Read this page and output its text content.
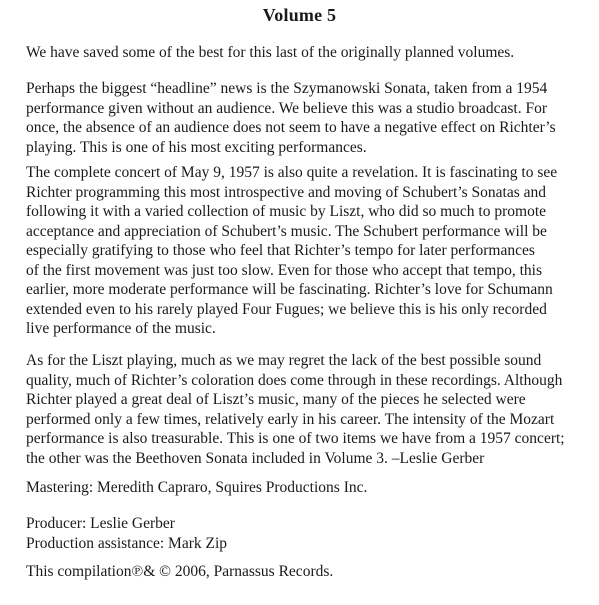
Volume 5
We have saved some of the best for this last of the originally planned volumes.
Perhaps the biggest “headline” news is the Szymanowski Sonata, taken from a 1954
performance given without an audience. We believe this was a studio broadcast. For
once, the absence of an audience does not seem to have a negative effect on Richter’s
playing. This is one of his most exciting performances.
The complete concert of May 9, 1957 is also quite a revelation. It is fascinating to see
Richter programming this most introspective and moving of Schubert’s Sonatas and
following it with a varied collection of music by Liszt, who did so much to promote
acceptance and appreciation of Schubert’s music. The Schubert performance will be
especially gratifying to those who feel that Richter’s tempo for later performances
of the first movement was just too slow. Even for those who accept that tempo, this
earlier, more moderate performance will be fascinating. Richter’s love for Schumann
extended even to his rarely played Four Fugues; we believe this is his only recorded
live performance of the music.
As for the Liszt playing, much as we may regret the lack of the best possible sound
quality, much of Richter’s coloration does come through in these recordings. Although
Richter played a great deal of Liszt’s music, many of the pieces he selected were
performed only a few times, relatively early in his career. The intensity of the Mozart
performance is also treasurable. This is one of two items we have from a 1957 concert;
the other was the Beethoven Sonata included in Volume 3. –Leslie Gerber
Mastering: Meredith Capraro, Squires Productions Inc.
Producer: Leslie Gerber
Production assistance: Mark Zip
This compilation℗& © 2006, Parnassus Records.
